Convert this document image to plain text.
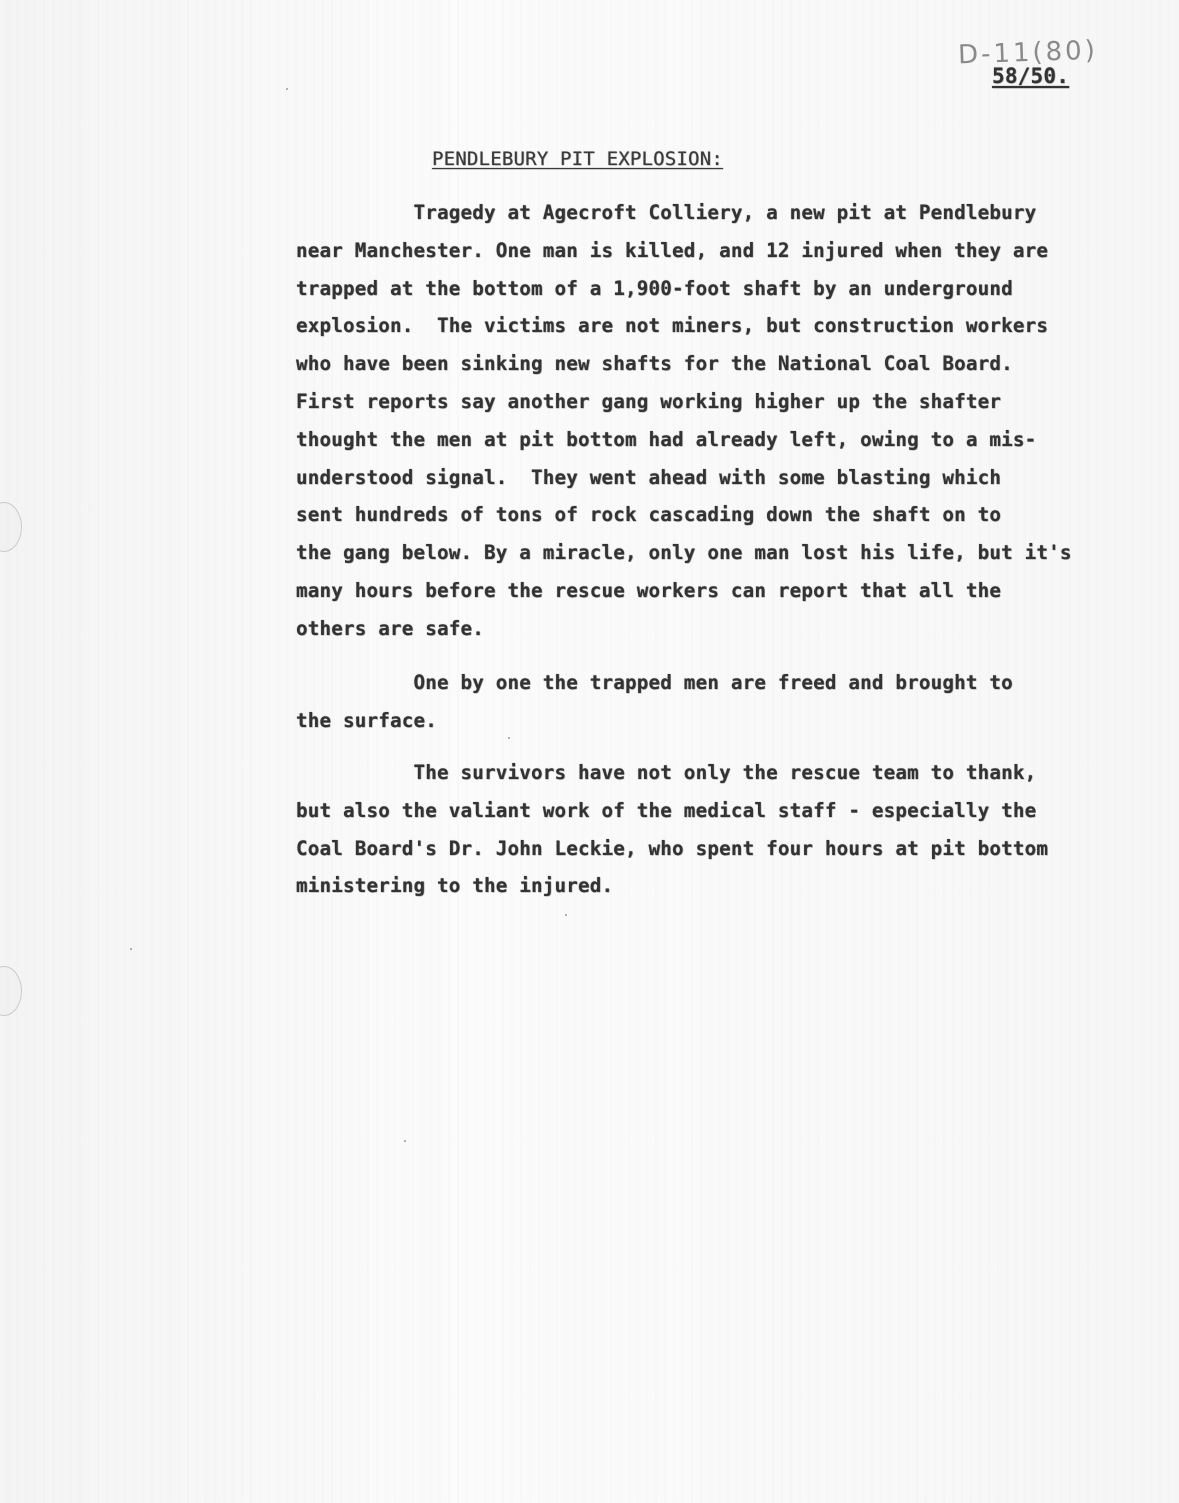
D-11(80)
58/50.
PENDLEBURY PIT EXPLOSION:
Tragedy at Agecroft Colliery, a new pit at Pendlebury
near Manchester. One man is killed, and 12 injured when they are
trapped at the bottom of a 1,900-foot shaft by an underground
explosion.  The victims are not miners, but construction workers
who have been sinking new shafts for the National Coal Board.
First reports say another gang working higher up the shafter
thought the men at pit bottom had already left, owing to a mis-
understood signal.  They went ahead with some blasting which
sent hundreds of tons of rock cascading down the shaft on to
the gang below. By a miracle, only one man lost his life, but it's
many hours before the rescue workers can report that all the
others are safe.
One by one the trapped men are freed and brought to
the surface.
The survivors have not only the rescue team to thank,
but also the valiant work of the medical staff - especially the
Coal Board's Dr. John Leckie, who spent four hours at pit bottom
ministering to the injured.
